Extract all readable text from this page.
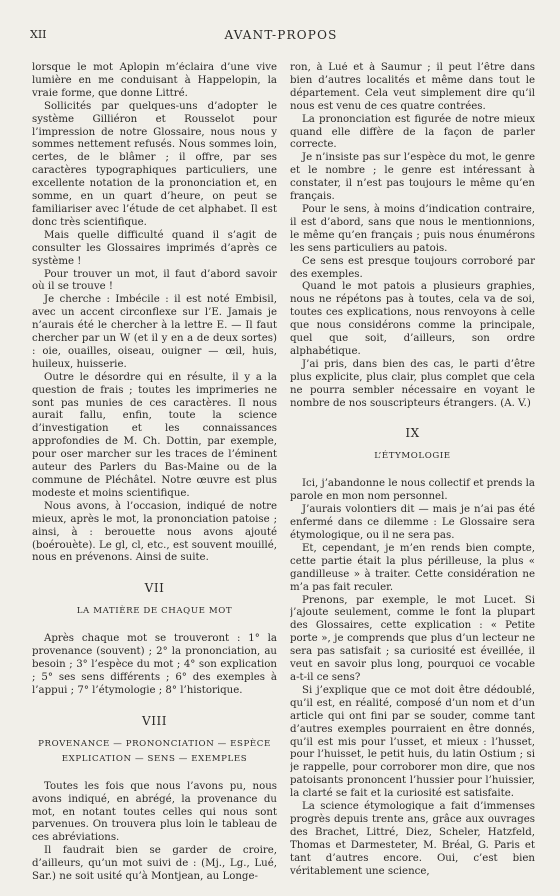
XII	AVANT-PROPOS

lorsque le mot Aplopin m’éclaira d’une vive lumière en me conduisant à Happelopin, la vraie forme, que donne Littré.

Sollicités par quelques-uns d’adopter le système Gilliéron et Rousselot pour l’impression de notre Glossaire, nous nous y sommes nettement refusés. Nous sommes loin, certes, de le blâmer ; il offre, par ses caractères typographiques particuliers, une excellente notation de la prononciation et, en somme, en un quart d’heure, on peut se familiariser avec l’étude de cet alphabet. Il est donc très scientifique.

Mais quelle difficulté quand il s’agit de consulter les Glossaires imprimés d’après ce système !

Pour trouver un mot, il faut d’abord savoir où il se trouve !

Je cherche : Imbécile : il est noté Embisil, avec un accent circonflexe sur l’E. Jamais je n’aurais été le chercher à la lettre E. — Il faut chercher par un W (et il y en a de deux sortes) : oie, ouailles, oiseau, ouigner — œil, huis, huileux, huisserie.

Outre le désordre qui en résulte, il y a la question de frais ; toutes les imprimeries ne sont pas munies de ces caractères. Il nous aurait fallu, enfin, toute la science d’investigation et les connaissances approfondies de M. Ch. Dottin, par exemple, pour oser marcher sur les traces de l’éminent auteur des Parlers du Bas-Maine ou de la commune de Pléchâtel. Notre œuvre est plus modeste et moins scientifique.

Nous avons, à l’occasion, indiqué de notre mieux, après le mot, la prononciation patoise ; ainsi, à : berouette nous avons ajouté (boérouète). Le gl, cl, etc., est souvent mouillé, nous en prévenons. Ainsi de suite.

VII
LA MATIÈRE DE CHAQUE MOT

Après chaque mot se trouveront : 1° la provenance (souvent) ; 2° la prononciation, au besoin ; 3° l’espèce du mot ; 4° son explication ; 5° ses sens différents ; 6° des exemples à l’appui ; 7° l’étymologie ; 8° l’historique.

VIII
PROVENANCE — PRONONCIATION — ESPÈCE
EXPLICATION — SENS — EXEMPLES

Toutes les fois que nous l’avons pu, nous avons indiqué, en abrégé, la provenance du mot, en notant toutes celles qui nous sont parvenues. On trouvera plus loin le tableau de ces abréviations.

Il faudrait bien se garder de croire, d’ailleurs, qu’un mot suivi de : (Mj., Lg., Lué, Sar.) ne soit usité qu’à Montjean, au Longe-

ron, à Lué et à Saumur ; il peut l’être dans bien d’autres localités et même dans tout le département. Cela veut simplement dire qu’il nous est venu de ces quatre contrées.

La prononciation est figurée de notre mieux quand elle diffère de la façon de parler correcte.

Je n’insiste pas sur l’espèce du mot, le genre et le nombre ; le genre est intéressant à constater, il n’est pas toujours le même qu’en français.

Pour le sens, à moins d’indication contraire, il est d’abord, sans que nous le mentionnions, le même qu’en français ; puis nous énumérons les sens particuliers au patois.

Ce sens est presque toujours corroboré par des exemples.

Quand le mot patois a plusieurs graphies, nous ne répétons pas à toutes, cela va de soi, toutes ces explications, nous renvoyons à celle que nous considérons comme la principale, quel que soit, d’ailleurs, son ordre alphabétique.

J’ai pris, dans bien des cas, le parti d’être plus explicite, plus clair, plus complet que cela ne pourra sembler nécessaire en voyant le nombre de nos souscripteurs étrangers. (A. V.)

IX
L’ÉTYMOLOGIE

Ici, j’abandonne le nous collectif et prends la parole en mon nom personnel.

J’aurais volontiers dit — mais je n’ai pas été enfermé dans ce dilemme : Le Glossaire sera étymologique, ou il ne sera pas.

Et, cependant, je m’en rends bien compte, cette partie était la plus périlleuse, la plus « gandilleuse » à traiter. Cette considération ne m’a pas fait reculer.

Prenons, par exemple, le mot Lucet. Si j’ajoute seulement, comme le font la plupart des Glossaires, cette explication : « Petite porte », je comprends que plus d’un lecteur ne sera pas satisfait ; sa curiosité est éveillée, il veut en savoir plus long, pourquoi ce vocable a-t-il ce sens?

Si j’explique que ce mot doit être dédoublé, qu’il est, en réalité, composé d’un nom et d’un article qui ont fini par se souder, comme tant d’autres exemples pourraient en être donnés, qu’il est mis pour l’usset, et mieux : l’husset, pour l’huisset, le petit huis, du latin Ostium ; si je rappelle, pour corroborer mon dire, que nos patoisants prononcent l’hussier pour l’huissier, la clarté se fait et la curiosité est satisfaite.

La science étymologique a fait d’immenses progrès depuis trente ans, grâce aux ouvrages des Brachet, Littré, Diez, Scheler, Hatzfeld, Thomas et Darmesteter, M. Bréal, G. Paris et tant d’autres encore. Oui, c’est bien véritablement une science,
